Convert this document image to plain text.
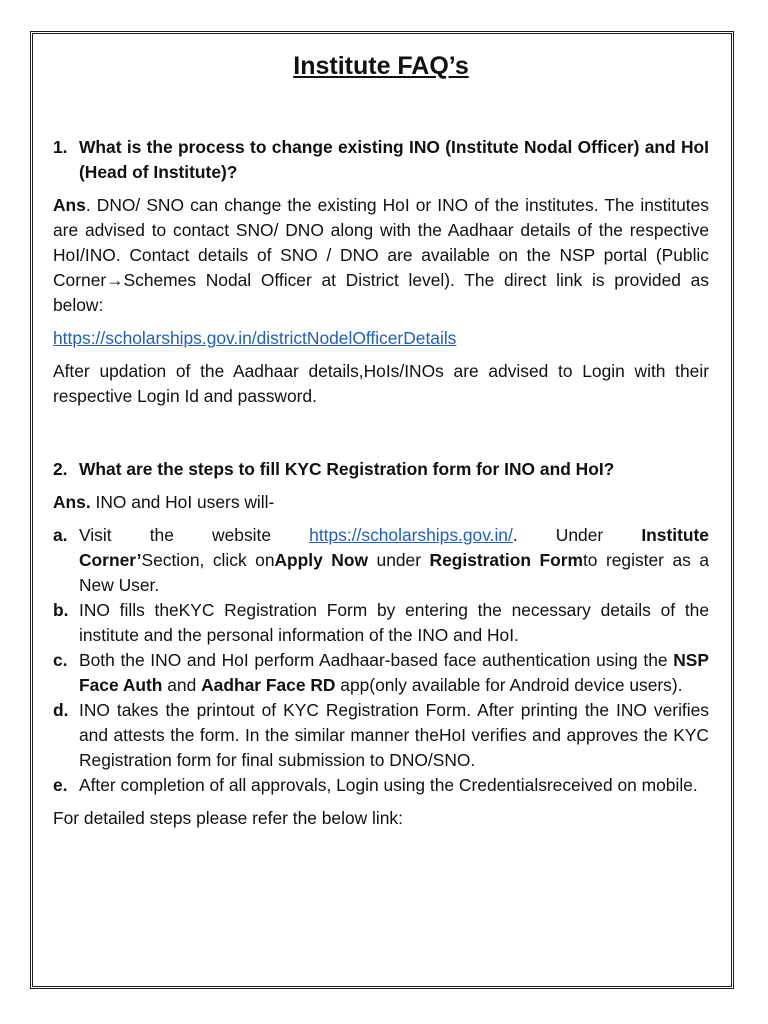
Institute FAQ’s
1. What is the process to change existing INO (Institute Nodal Officer) and HoI (Head of Institute)?

Ans. DNO/ SNO can change the existing HoI or INO of the institutes. The institutes are advised to contact SNO/ DNO along with the Aadhaar details of the respective HoI/INO. Contact details of SNO / DNO are available on the NSP portal (Public Corner→Schemes Nodal Officer at District level). The direct link is provided as below:

https://scholarships.gov.in/districtNodelOfficerDetails

After updation of the Aadhaar details,HoIs/INOs are advised to Login with their respective Login Id and password.

2. What are the steps to fill KYC Registration form for INO and HoI?

Ans. INO and HoI users will-

a. Visit the website https://scholarships.gov.in/. Under Institute Corner’Section, click onApply Now under Registration Formto register as a New User.
b. INO fills theKYC Registration Form by entering the necessary details of the institute and the personal information of the INO and HoI.
c. Both the INO and HoI perform Aadhaar-based face authentication using the NSP Face Auth and Aadhar Face RD app(only available for Android device users).
d. INO takes the printout of KYC Registration Form. After printing the INO verifies and attests the form. In the similar manner theHoI verifies and approves the KYC Registration form for final submission to DNO/SNO.
e. After completion of all approvals, Login using the Credentialsreceived on mobile.

For detailed steps please refer the below link:
